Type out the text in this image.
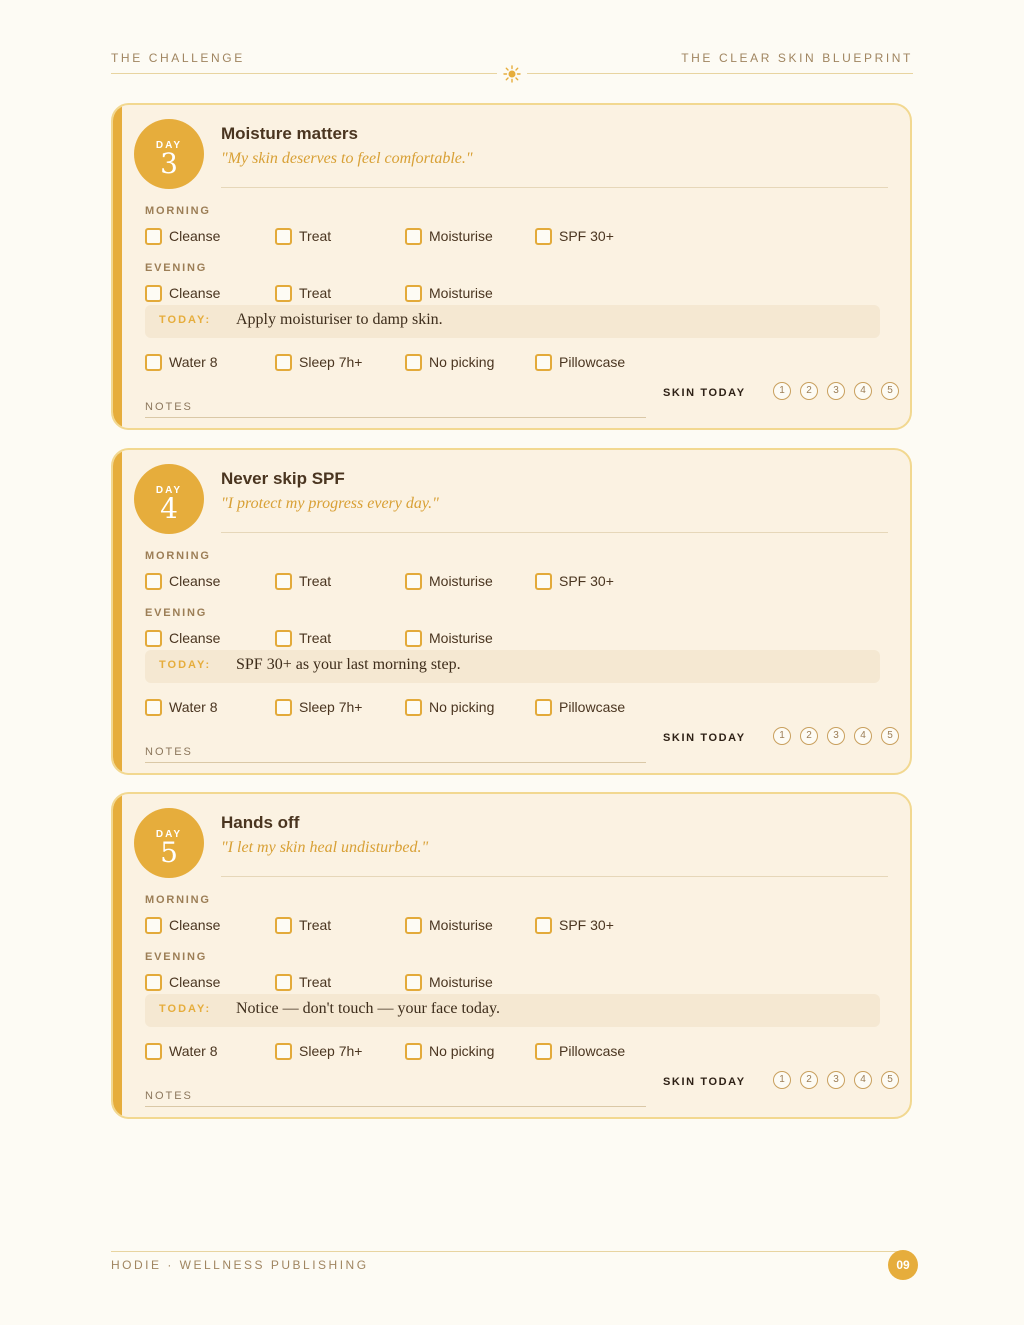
THE CHALLENGE	THE CLEAR SKIN BLUEPRINT
DAY
3
Moisture matters
"My skin deserves to feel comfortable."
MORNING
Cleanse	Treat	Moisturise	SPF 30+
EVENING
Cleanse	Treat	Moisturise
TODAY: Apply moisturiser to damp skin.
Water 8	Sleep 7h+	No picking	Pillowcase
NOTES
SKIN TODAY	1	2	3	4	5
DAY
4
Never skip SPF
"I protect my progress every day."
MORNING
Cleanse	Treat	Moisturise	SPF 30+
EVENING
Cleanse	Treat	Moisturise
TODAY: SPF 30+ as your last morning step.
Water 8	Sleep 7h+	No picking	Pillowcase
NOTES
SKIN TODAY	1	2	3	4	5
DAY
5
Hands off
"I let my skin heal undisturbed."
MORNING
Cleanse	Treat	Moisturise	SPF 30+
EVENING
Cleanse	Treat	Moisturise
TODAY: Notice — don't touch — your face today.
Water 8	Sleep 7h+	No picking	Pillowcase
NOTES
SKIN TODAY	1	2	3	4	5
HODIE · WELLNESS PUBLISHING	09
